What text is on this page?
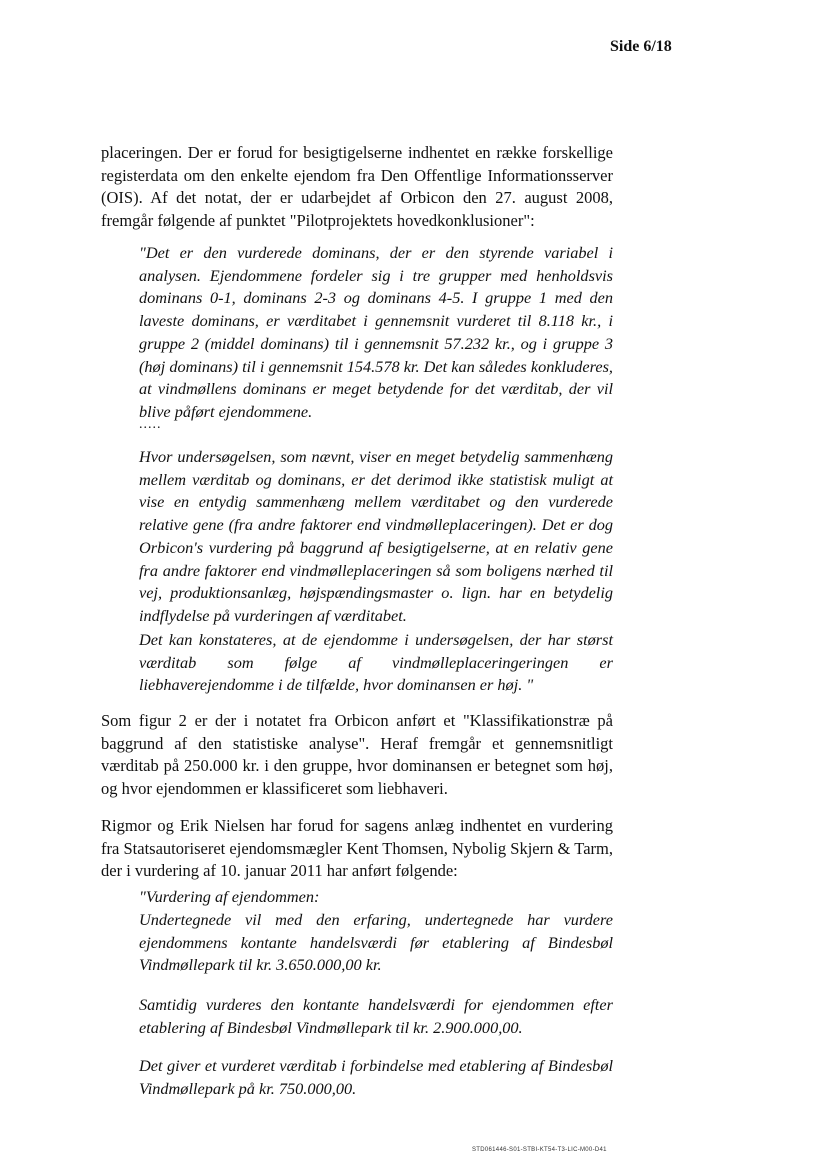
Side 6/18

placeringen. Der er forud for besigtigelserne indhentet en række forskellige registerdata om den enkelte ejendom fra Den Offentlige Informationsserver (OIS). Af det notat, der er udarbejdet af Orbicon den 27. august 2008, fremgår følgende af punktet "Pilotprojektets hovedkonklusioner":

"Det er den vurderede dominans, der er den styrende variabel i analysen. Ejendommene fordeler sig i tre grupper med henholdsvis dominans 0-1, dominans 2-3 og dominans 4-5. I gruppe 1 med den laveste dominans, er værditabet i gennemsnit vurderet til 8.118 kr., i gruppe 2 (middel dominans) til i gennemsnit 57.232 kr., og i gruppe 3 (høj dominans) til i gennemsnit 154.578 kr. Det kan således konkluderes, at vindmøllens dominans er meget betydende for det værditab, der vil blive påført ejendommene.

.....

Hvor undersøgelsen, som nævnt, viser en meget betydelig sammenhæng mellem værditab og dominans, er det derimod ikke statistisk muligt at vise en entydig sammenhæng mellem værditabet og den vurderede relative gene (fra andre faktorer end vindmølleplaceringen). Det er dog Orbicon's vurdering på baggrund af besigtigelserne, at en relativ gene fra andre faktorer end vindmølleplaceringen så som boligens nærhed til vej, produktionsanlæg, højspændingsmaster o. lign. har en betydelig indflydelse på vurderingen af værditabet.

Det kan konstateres, at de ejendomme i undersøgelsen, der har størst værditab som følge af vindmølleplaceringeringen er liebhaverejendomme i de tilfælde, hvor dominansen er høj. "

Som figur 2 er der i notatet fra Orbicon anført et "Klassifikationstræ på baggrund af den statistiske analyse". Heraf fremgår et gennemsnitligt værditab på 250.000 kr. i den gruppe, hvor dominansen er betegnet som høj, og hvor ejendommen er klassificeret som liebhaveri.

Rigmor og Erik Nielsen har forud for sagens anlæg indhentet en vurdering fra Statsautoriseret ejendomsmægler Kent Thomsen, Nybolig Skjern & Tarm, der i vurdering af 10. januar 2011 har anført følgende:

"Vurdering af ejendommen:

Undertegnede vil med den erfaring, undertegnede har vurdere ejendommens kontante handelsværdi før etablering af Bindesbøl Vindmøllepark til kr. 3.650.000,00 kr.

Samtidig vurderes den kontante handelsværdi for ejendommen efter etablering af Bindesbøl Vindmøllepark til kr. 2.900.000,00.

Det giver et vurderet værditab i forbindelse med etablering af Bindesbøl Vindmøllepark på kr. 750.000,00.

STD061446-S01-STBI-KT54-T3-LIC-M00-D41
